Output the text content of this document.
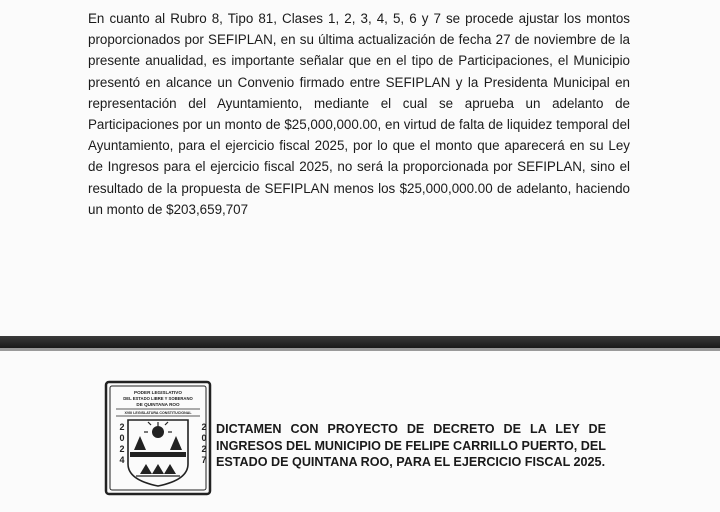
En cuanto al Rubro 8, Tipo 81, Clases 1, 2, 3, 4, 5, 6 y 7 se procede ajustar los montos proporcionados por SEFIPLAN, en su última actualización de fecha 27 de noviembre de la presente anualidad, es importante señalar que en el tipo de Participaciones, el Municipio presentó en alcance un Convenio firmado entre SEFIPLAN y la Presidenta Municipal en representación del Ayuntamiento, mediante el cual se aprueba un adelanto de Participaciones por un monto de $25,000,000.00, en virtud de falta de liquidez temporal del Ayuntamiento, para el ejercicio fiscal 2025, por lo que el monto que aparecerá en su Ley de Ingresos para el ejercicio fiscal 2025, no será la proporcionada por SEFIPLAN, sino el resultado de la propuesta de SEFIPLAN menos los $25,000,000.00 de adelanto, haciendo un monto de $203,659,707

PODER LEGISLATIVO
DEL ESTADO LIBRE Y SOBERANO
DE QUINTANA ROO
XVIII LEGISLATURA CONSTITUCIONAL
2
0
2
4
2
0
2
7

DICTAMEN CON PROYECTO DE DECRETO DE LA LEY DE INGRESOS DEL MUNICIPIO DE FELIPE CARRILLO PUERTO, DEL ESTADO DE QUINTANA ROO, PARA EL EJERCICIO FISCAL 2025.
